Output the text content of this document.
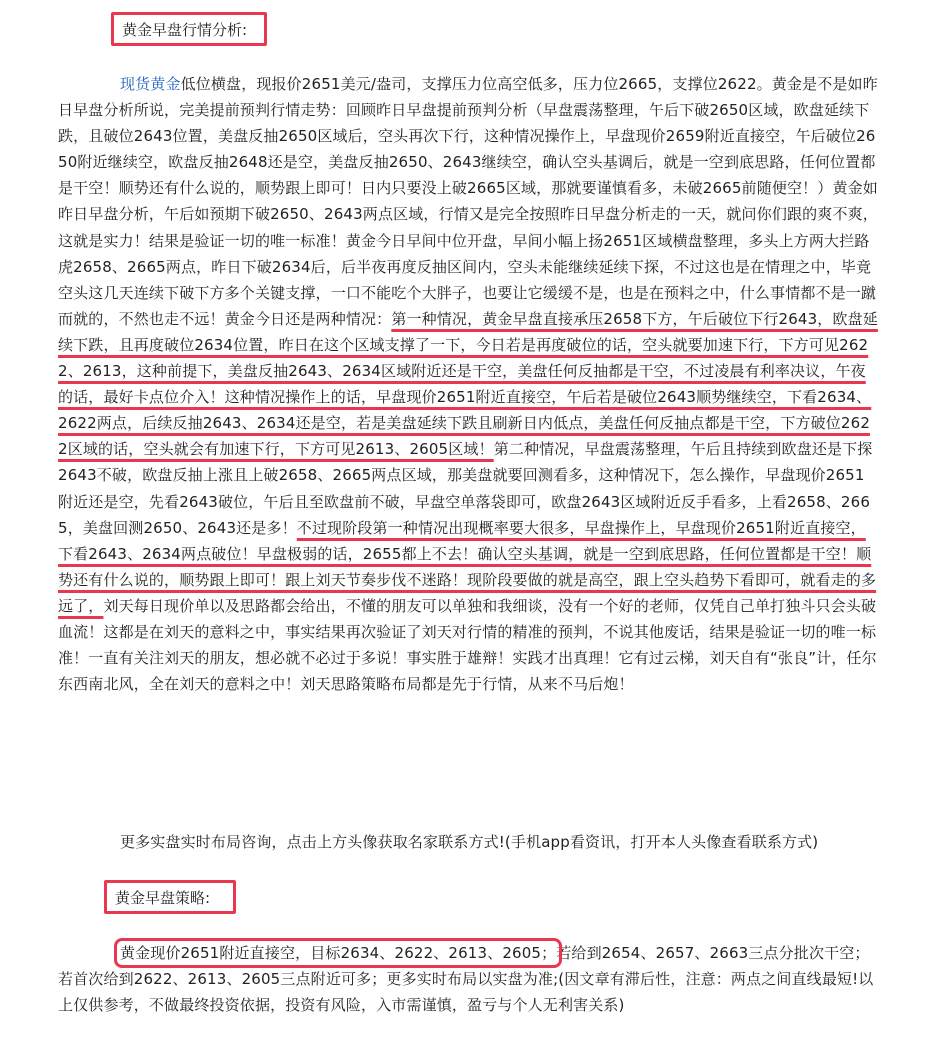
黄金早盘行情分析:

现货黄金低位横盘，现报价2651美元/盎司，支撑压力位高空低多，压力位2665，支撑位2622。黄金是不是如昨日早盘分析所说，完美提前预判行情走势：回顾昨日早盘提前预判分析（早盘震荡整理，午后下破2650区域，欧盘延续下跌，且破位2643位置，美盘反抽2650区域后，空头再次下行，这种情况操作上，早盘现价2659附近直接空，午后破位2650附近继续空，欧盘反抽2648还是空，美盘反抽2650、2643继续空，确认空头基调后，就是一空到底思路，任何位置都是干空！顺势还有什么说的，顺势跟上即可！日内只要没上破2665区域，那就要谨慎看多，未破2665前随便空！）黄金如昨日早盘分析，午后如预期下破2650、2643两点区域，行情又是完全按照昨日早盘分析走的一天，就问你们跟的爽不爽，这就是实力！结果是验证一切的唯一标准！黄金今日早间中位开盘，早间小幅上扬2651区域横盘整理，多头上方两大拦路虎2658、2665两点，昨日下破2634后，后半夜再度反抽区间内，空头未能继续延续下探，不过这也是在情理之中，毕竟空头这几天连续下破下方多个关键支撑，一口不能吃个大胖子，也要让它缓缓不是，也是在预料之中，什么事情都不是一蹴而就的，不然也走不远！黄金今日还是两种情况：第一种情况，黄金早盘直接承压2658下方，午后破位下行2643，欧盘延续下跌，且再度破位2634位置，昨日在这个区域支撑了一下，今日若是再度破位的话，空头就要加速下行，下方可见2622、2613，这种前提下，美盘反抽2643、2634区域附近还是干空，美盘任何反抽都是干空，不过凌晨有利率决议，午夜的话，最好卡点位介入！这种情况操作上的话，早盘现价2651附近直接空，午后若是破位2643顺势继续空，下看2634、2622两点，后续反抽2643、2634还是空，若是美盘延续下跌且刷新日内低点，美盘任何反抽点都是干空，下方破位2622区域的话，空头就会有加速下行，下方可见2613、2605区域！第二种情况，早盘震荡整理，午后且持续到欧盘还是下探2643不破，欧盘反抽上涨且上破2658、2665两点区域，那美盘就要回测看多，这种情况下，怎么操作，早盘现价2651附近还是空，先看2643破位，午后且至欧盘前不破，早盘空单落袋即可，欧盘2643区域附近反手看多，上看2658、2665，美盘回测2650、2643还是多！不过现阶段第一种情况出现概率要大很多，早盘操作上，早盘现价2651附近直接空，下看2643、2634两点破位！早盘极弱的话，2655都上不去！确认空头基调，就是一空到底思路，任何位置都是干空！顺势还有什么说的，顺势跟上即可！跟上刘天节奏步伐不迷路！现阶段要做的就是高空，跟上空头趋势下看即可，就看走的多远了，刘天每日现价单以及思路都会给出，不懂的朋友可以单独和我细谈，没有一个好的老师，仅凭自己单打独斗只会头破血流！这都是在刘天的意料之中，事实结果再次验证了刘天对行情的精准的预判，不说其他废话，结果是验证一切的唯一标准！一直有关注刘天的朋友，想必就不必过于多说！事实胜于雄辩！实践才出真理！它有过云梯，刘天自有“张良”计，任尔东西南北风，全在刘天的意料之中！刘天思路策略布局都是先于行情，从来不马后炮！

更多实盘实时布局咨询，点击上方头像获取名家联系方式!(手机app看资讯，打开本人头像查看联系方式)

黄金早盘策略:

黄金现价2651附近直接空，目标2634、2622、2613、2605；若给到2654、2657、2663三点分批次干空；若首次给到2622、2613、2605三点附近可多；更多实时布局以实盘为准;(因文章有滞后性，注意：两点之间直线最短!以上仅供参考，不做最终投资依据，投资有风险，入市需谨慎，盈亏与个人无利害关系)
